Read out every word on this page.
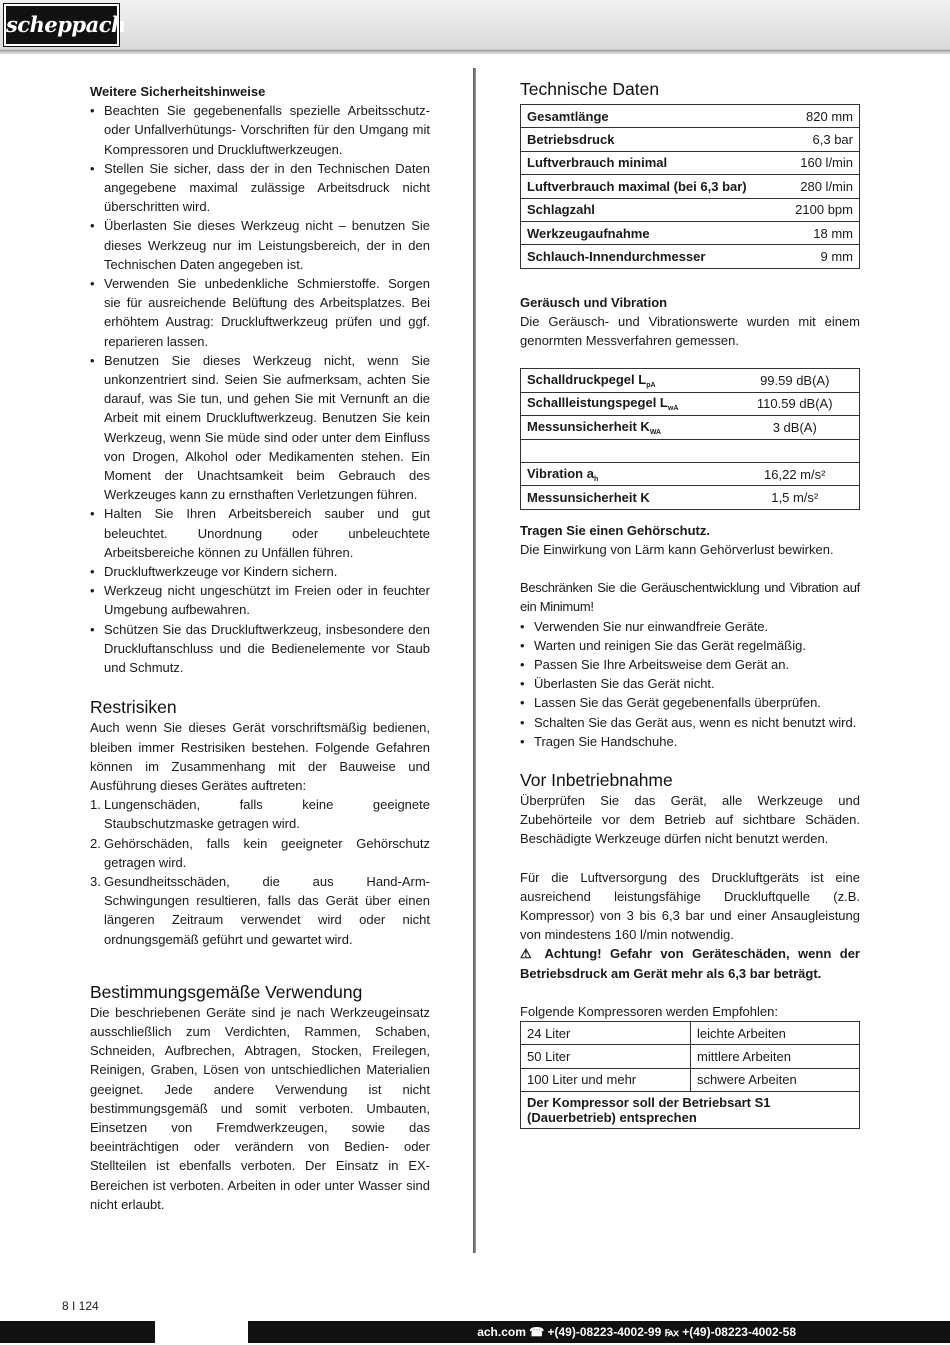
scheppach
Weitere Sicherheitshinweise
• Beachten Sie gegebenenfalls spezielle Arbeitsschutz- oder Unfallverhütungs- Vorschriften für den Umgang mit Kompressoren und Druckluftwerkzeugen.
• Stellen Sie sicher, dass der in den Technischen Daten angegebene maximal zulässige Arbeitsdruck nicht überschritten wird.
• Überlasten Sie dieses Werkzeug nicht – benutzen Sie dieses Werkzeug nur im Leistungsbereich, der in den Technischen Daten angegeben ist.
• Verwenden Sie unbedenkliche Schmierstoffe. Sorgen sie für ausreichende Belüftung des Arbeitsplatzes. Bei erhöhtem Austrag: Druckluftwerkzeug prüfen und ggf. reparieren lassen.
• Benutzen Sie dieses Werkzeug nicht, wenn Sie unkonzentriert sind. Seien Sie aufmerksam, achten Sie darauf, was Sie tun, und gehen Sie mit Vernunft an die Arbeit mit einem Druckluftwerkzeug. Benutzen Sie kein Werkzeug, wenn Sie müde sind oder unter dem Einfluss von Drogen, Alkohol oder Medikamenten stehen. Ein Moment der Unachtsamkeit beim Gebrauch des Werkzeuges kann zu ernsthaften Verletzungen führen.
• Halten Sie Ihren Arbeitsbereich sauber und gut beleuchtet. Unordnung oder unbeleuchtete Arbeitsbereiche können zu Unfällen führen.
• Druckluftwerkzeuge vor Kindern sichern.
• Werkzeug nicht ungeschützt im Freien oder in feuchter Umgebung aufbewahren.
• Schützen Sie das Druckluftwerkzeug, insbesondere den Druckluftanschluss und die Bedienelemente vor Staub und Schmutz.
Restrisiken
Auch wenn Sie dieses Gerät vorschriftsmäßig bedienen, bleiben immer Restrisiken bestehen. Folgende Gefahren können im Zusammenhang mit der Bauweise und Ausführung dieses Gerätes auftreten:
1. Lungenschäden, falls keine geeignete Staubschutzmaske getragen wird.
2. Gehörschäden, falls kein geeigneter Gehörschutz getragen wird.
3. Gesundheitsschäden, die aus Hand-Arm- Schwingungen resultieren, falls das Gerät über einen längeren Zeitraum verwendet wird oder nicht ordnungsgemäß geführt und gewartet wird.
Bestimmungsgemäße Verwendung
Die beschriebenen Geräte sind je nach Werkzeugeinsatz ausschließlich zum Verdichten, Rammen, Schaben, Schneiden, Aufbrechen, Abtragen, Stocken, Freilegen, Reinigen, Graben, Lösen von untschiedlichen Materialien geeignet. Jede andere Verwendung ist nicht bestimmungsgemäß und somit verboten. Umbauten, Einsetzen von Fremdwerkzeugen, sowie das beeinträchtigen oder verändern von Bedien- oder Stellteilen ist ebenfalls verboten. Der Einsatz in EX-Bereichen ist verboten. Arbeiten in oder unter Wasser sind nicht erlaubt.
Technische Daten
Gesamtlänge	820 mm
Betriebsdruck	6,3 bar
Luftverbrauch minimal	160 l/min
Luftverbrauch maximal (bei 6,3 bar)	280 l/min
Schlagzahl	2100 bpm
Werkzeugaufnahme	18 mm
Schlauch-Innendurchmesser	9 mm
Geräusch und Vibration
Die Geräusch- und Vibrationswerte wurden mit einem genormten Messverfahren gemessen.
Schalldruckpegel $L_{pA}$	99.59 dB(A)
Schallleistungspegel $L_{wA}$	110.59 dB(A)
Messunsicherheit $K_{WA}$	3 dB(A)

Vibration $a_h$	16,22 m/s²
Messunsicherheit K	1,5 m/s²
Tragen Sie einen Gehörschutz.
Die Einwirkung von Lärm kann Gehörverlust bewirken.
Beschränken Sie die Geräuschentwicklung und Vibration auf ein Minimum!
• Verwenden Sie nur einwandfreie Geräte.
• Warten und reinigen Sie das Gerät regelmäßig.
• Passen Sie Ihre Arbeitsweise dem Gerät an.
• Überlasten Sie das Gerät nicht.
• Lassen Sie das Gerät gegebenenfalls überprüfen.
• Schalten Sie das Gerät aus, wenn es nicht benutzt wird.
• Tragen Sie Handschuhe.
Vor Inbetriebnahme
Überprüfen Sie das Gerät, alle Werkzeuge und Zubehörteile vor dem Betrieb auf sichtbare Schäden. Beschädigte Werkzeuge dürfen nicht benutzt werden.
Für die Luftversorgung des Druckluftgeräts ist eine ausreichend leistungsfähige Druckluftquelle (z.B. Kompressor) von 3 bis 6,3 bar und einer Ansaugleistung von mindestens 160 l/min notwendig.
⚠ Achtung! Gefahr von Geräteschäden, wenn der Betriebsdruck am Gerät mehr als 6,3 bar beträgt.
Folgende Kompressoren werden Empfohlen:
24 Liter	leichte Arbeiten
50 Liter	mittlere Arbeiten
100 Liter und mehr	schwere Arbeiten
Der Kompressor soll der Betriebsart S1 (Dauerbetrieb) entsprechen	
8 I 124
ach.com ☎ +(49)-08223-4002-99 ℻ +(49)-08223-4002-58
